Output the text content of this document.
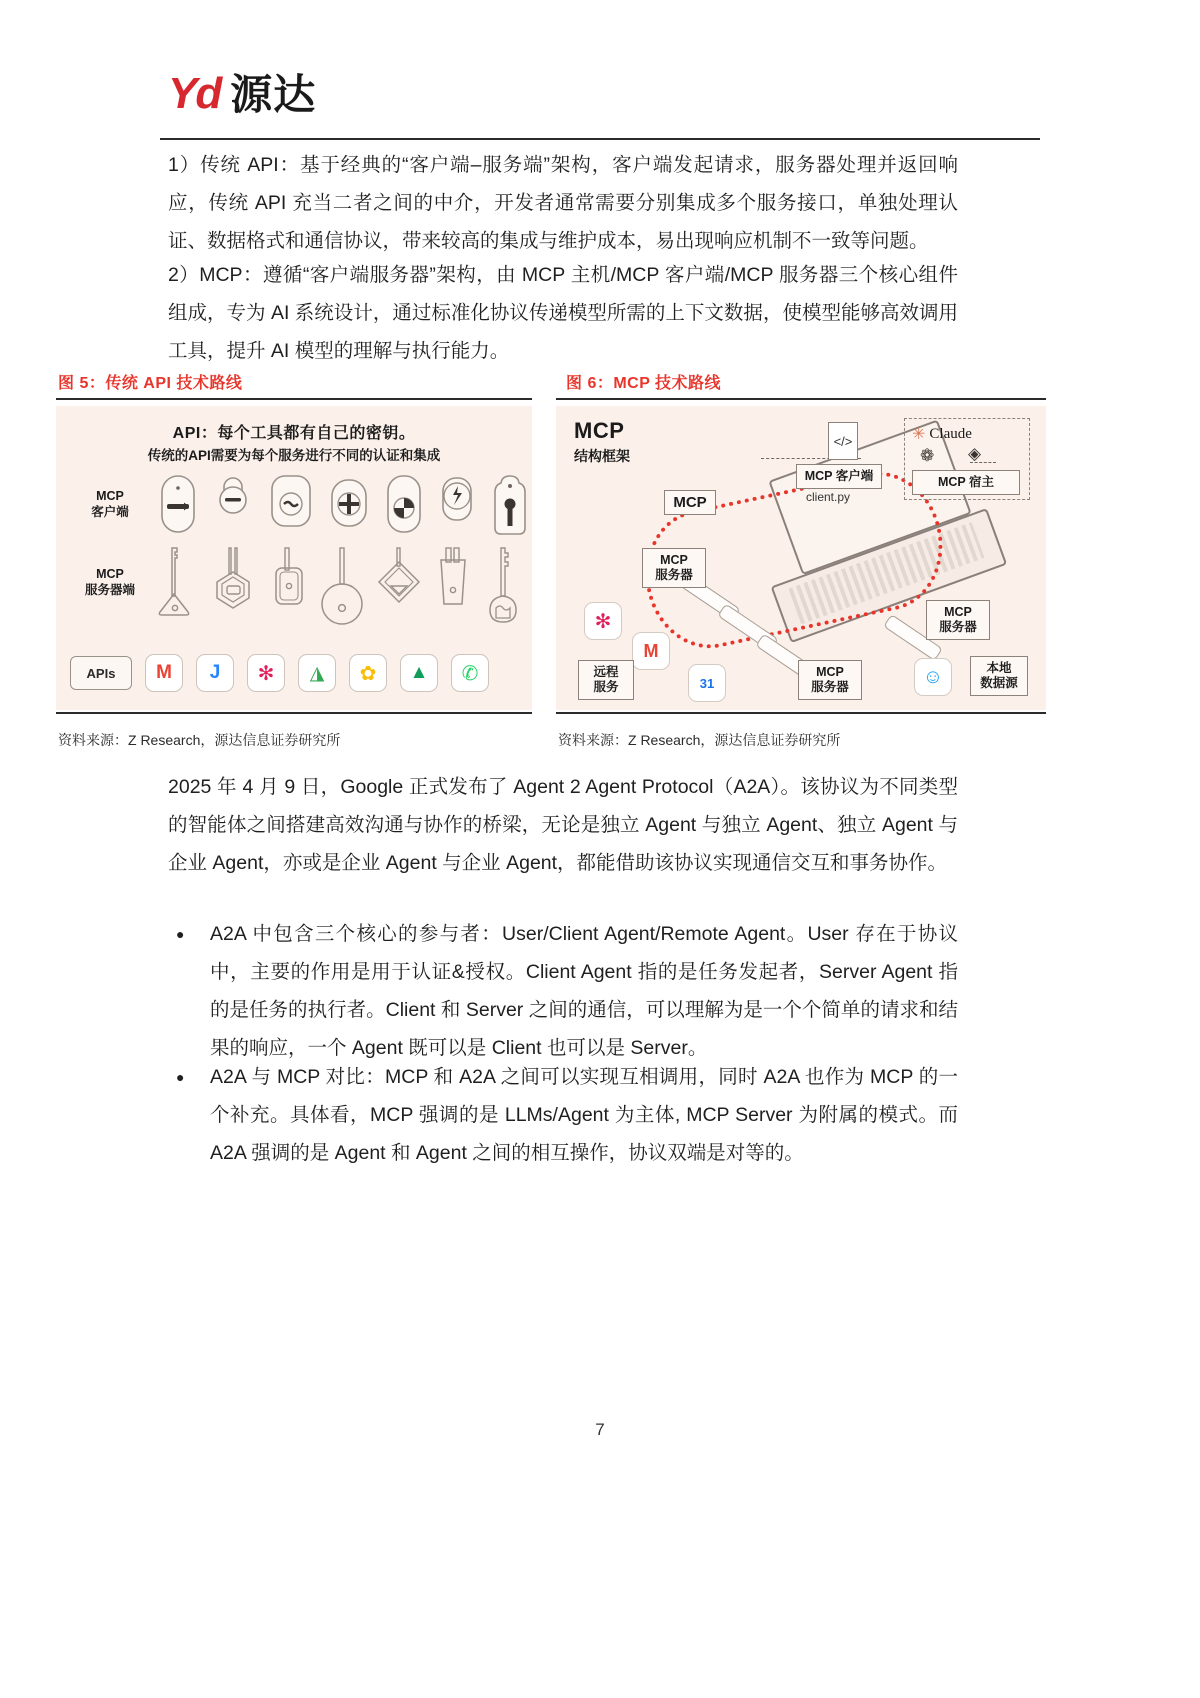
Yd 源达
1）传统 API：基于经典的“客户端–服务端”架构，客户端发起请求，服务器处理并返回响应，传统 API 充当二者之间的中介，开发者通常需要分别集成多个服务接口，单独处理认证、数据格式和通信协议，带来较高的集成与维护成本，易出现响应机制不一致等问题。
2）MCP：遵循“客户端服务器”架构，由 MCP 主机/MCP 客户端/MCP 服务器三个核心组件组成，专为 AI 系统设计，通过标准化协议传递模型所需的上下文数据，使模型能够高效调用工具，提升 AI 模型的理解与执行能力。
图 5：传统 API 技术路线
API：每个工具都有自己的密钥。
传统的API需要为每个服务进行不同的认证和集成
MCP
客户端
MCP
服务器端
APIs	M J ✻ ◮ ✿ ▲ ✆
资料来源：Z Research，源达信息证券研究所
图 6：MCP 技术路线
MCP
结构框架
</>
MCP 客户端
client.py
✳ Claude
❁ ◈
MCP 宿主
MCP
MCP
服务器
MCP
服务器
MCP
服务器
✻
M
31	☺
远程
服务
本地
数据源
资料来源：Z Research，源达信息证券研究所
2025 年 4 月 9 日，Google 正式发布了 Agent 2 Agent Protocol（A2A）。该协议为不同类型的智能体之间搭建高效沟通与协作的桥梁，无论是独立 Agent 与独立 Agent、独立 Agent 与企业 Agent，亦或是企业 Agent 与企业 Agent，都能借助该协议实现通信交互和事务协作。
● A2A 中包含三个核心的参与者：User/Client Agent/Remote Agent。User 存在于协议中，主要的作用是用于认证&授权。Client Agent 指的是任务发起者，Server Agent 指的是任务的执行者。Client 和 Server 之间的通信，可以理解为是一个个简单的请求和结果的响应，一个 Agent 既可以是 Client 也可以是 Server。
● A2A 与 MCP 对比：MCP 和 A2A 之间可以实现互相调用，同时 A2A 也作为 MCP 的一个补充。具体看，MCP 强调的是 LLMs/Agent 为主体, MCP Server 为附属的模式。而 A2A 强调的是 Agent 和 Agent 之间的相互操作，协议双端是对等的。
7
